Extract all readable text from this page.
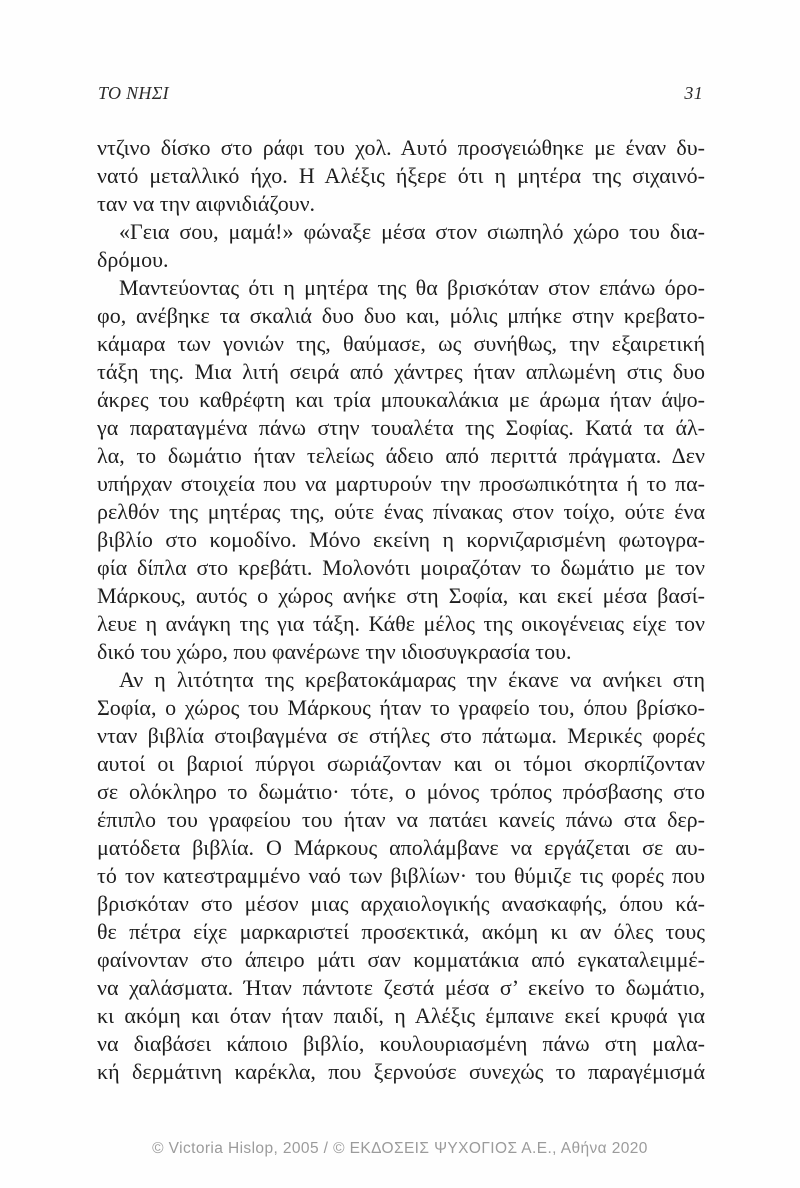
ΤΟ ΝΗΣΙ	31
ντζινο δίσκο στο ράφι του χολ. Αυτό προσγειώθηκε με έναν δυ-
νατό μεταλλικό ήχο. Η Αλέξις ήξερε ότι η μητέρα της σιχαινό-
ταν να την αιφνιδιάζουν.
«Γεια σου, μαμά!» φώναξε μέσα στον σιωπηλό χώρο του δια-
δρόμου.
Μαντεύοντας ότι η μητέρα της θα βρισκόταν στον επάνω όρο-
φο, ανέβηκε τα σκαλιά δυο δυο και, μόλις μπήκε στην κρεβατο-
κάμαρα των γονιών της, θαύμασε, ως συνήθως, την εξαιρετική
τάξη της. Μια λιτή σειρά από χάντρες ήταν απλωμένη στις δυο
άκρες του καθρέφτη και τρία μπουκαλάκια με άρωμα ήταν άψο-
γα παραταγμένα πάνω στην τουαλέτα της Σοφίας. Κατά τα άλ-
λα, το δωμάτιο ήταν τελείως άδειο από περιττά πράγματα. Δεν
υπήρχαν στοιχεία που να μαρτυρούν την προσωπικότητα ή το πα-
ρελθόν της μητέρας της, ούτε ένας πίνακας στον τοίχο, ούτε ένα
βιβλίο στο κομοδίνο. Μόνο εκείνη η κορνιζαρισμένη φωτογρα-
φία δίπλα στο κρεβάτι. Μολονότι μοιραζόταν το δωμάτιο με τον
Μάρκους, αυτός ο χώρος ανήκε στη Σοφία, και εκεί μέσα βασί-
λευε η ανάγκη της για τάξη. Κάθε μέλος της οικογένειας είχε τον
δικό του χώρο, που φανέρωνε την ιδιοσυγκρασία του.
Αν η λιτότητα της κρεβατοκάμαρας την έκανε να ανήκει στη
Σοφία, ο χώρος του Μάρκους ήταν το γραφείο του, όπου βρίσκο-
νταν βιβλία στοιβαγμένα σε στήλες στο πάτωμα. Μερικές φορές
αυτοί οι βαριοί πύργοι σωριάζονταν και οι τόμοι σκορπίζονταν
σε ολόκληρο το δωμάτιο· τότε, ο μόνος τρόπος πρόσβασης στο
έπιπλο του γραφείου του ήταν να πατάει κανείς πάνω στα δερ-
ματόδετα βιβλία. Ο Μάρκους απολάμβανε να εργάζεται σε αυ-
τό τον κατεστραμμένο ναό των βιβλίων· του θύμιζε τις φορές που
βρισκόταν στο μέσον μιας αρχαιολογικής ανασκαφής, όπου κά-
θε πέτρα είχε μαρκαριστεί προσεκτικά, ακόμη κι αν όλες τους
φαίνονταν στο άπειρο μάτι σαν κομματάκια από εγκαταλειμμέ-
να χαλάσματα. Ήταν πάντοτε ζεστά μέσα σ’ εκείνο το δωμάτιο,
κι ακόμη και όταν ήταν παιδί, η Αλέξις έμπαινε εκεί κρυφά για
να διαβάσει κάποιο βιβλίο, κουλουριασμένη πάνω στη μαλα-
κή δερμάτινη καρέκλα, που ξερνούσε συνεχώς το παραγέμισμά
© Victoria Hislop, 2005 / © ΕΚΔΟΣΕΙΣ ΨΥΧΟΓΙΟΣ Α.Ε., Αθήνα 2020
